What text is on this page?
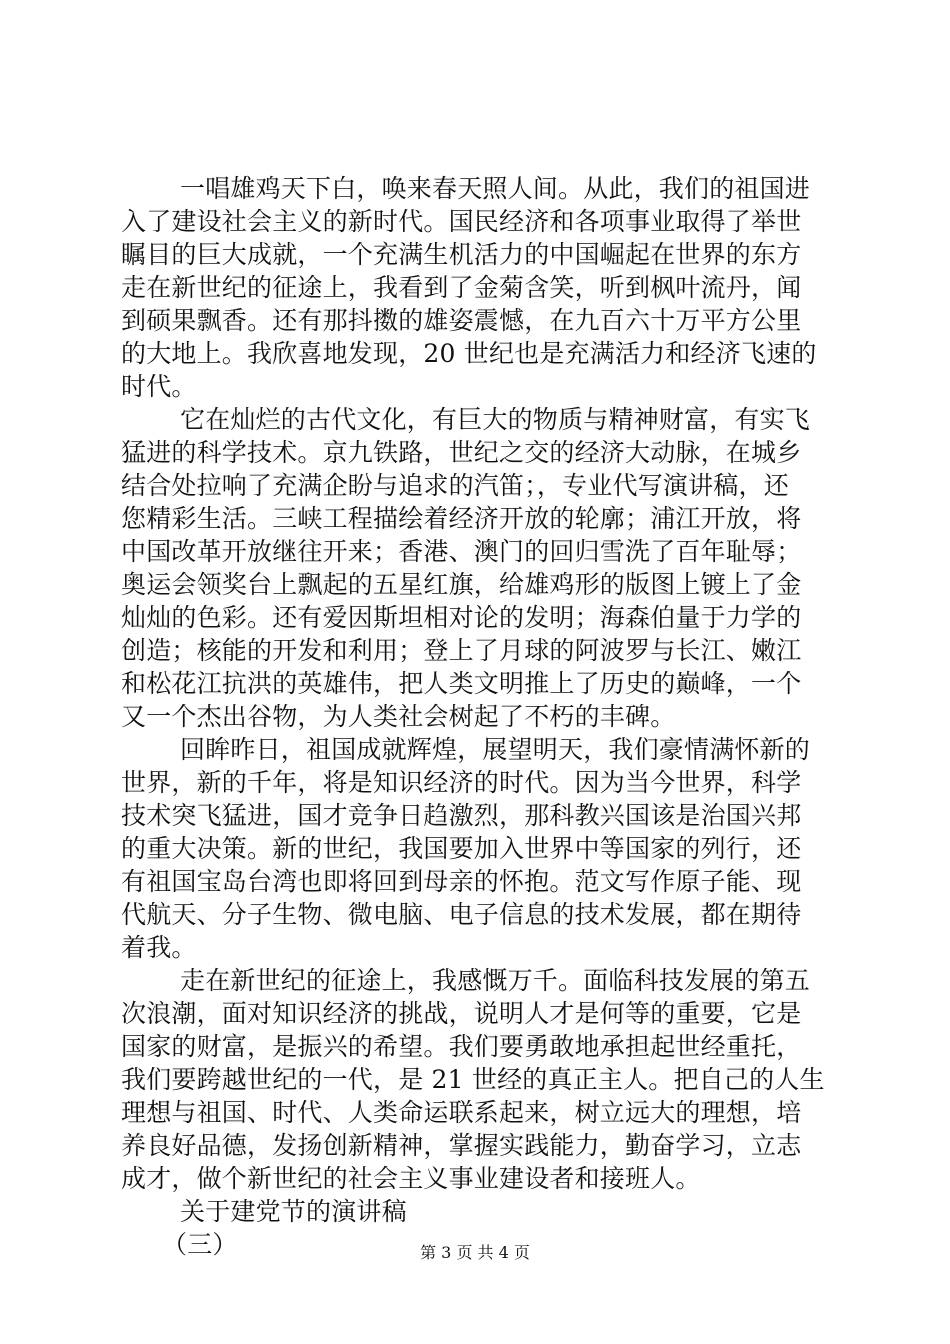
一唱雄鸡天下白，唤来春天照人间。从此，我们的祖国进
入了建设社会主义的新时代。国民经济和各项事业取得了举世
瞩目的巨大成就，一个充满生机活力的中国崛起在世界的东方
走在新世纪的征途上，我看到了金菊含笑，听到枫叶流丹，闻
到硕果飘香。还有那抖擞的雄姿震憾，在九百六十万平方公里
的大地上。我欣喜地发现，20 世纪也是充满活力和经济飞速的
时代。
它在灿烂的古代文化，有巨大的物质与精神财富，有实飞
猛进的科学技术。京九铁路，世纪之交的经济大动脉，在城乡
结合处拉响了充满企盼与追求的汽笛；，专业代写演讲稿，还
您精彩生活。三峡工程描绘着经济开放的轮廓；浦江开放，将
中国改革开放继往开来；香港、澳门的回归雪洗了百年耻辱；
奥运会领奖台上飘起的五星红旗，给雄鸡形的版图上镀上了金
灿灿的色彩。还有爱因斯坦相对论的发明；海森伯量于力学的
创造；核能的开发和利用；登上了月球的阿波罗与长江、嫩江
和松花江抗洪的英雄伟，把人类文明推上了历史的巅峰，一个
又一个杰出谷物，为人类社会树起了不朽的丰碑。
回眸昨日，祖国成就辉煌，展望明天，我们豪情满怀新的
世界，新的千年，将是知识经济的时代。因为当今世界，科学
技术突飞猛进，国才竞争日趋激烈，那科教兴国该是治国兴邦
的重大决策。新的世纪，我国要加入世界中等国家的列行，还
有祖国宝岛台湾也即将回到母亲的怀抱。范文写作原子能、现
代航天、分子生物、微电脑、电子信息的技术发展，都在期待
着我。
走在新世纪的征途上，我感慨万千。面临科技发展的第五
次浪潮，面对知识经济的挑战，说明人才是何等的重要，它是
国家的财富，是振兴的希望。我们要勇敢地承担起世经重托，
我们要跨越世纪的一代，是 21 世经的真正主人。把自己的人生
理想与祖国、时代、人类命运联系起来，树立远大的理想，培
养良好品德，发扬创新精神，掌握实践能力，勤奋学习，立志
成才，做个新世纪的社会主义事业建设者和接班人。
关于建党节的演讲稿
（三）	第 3 页 共 4 页
